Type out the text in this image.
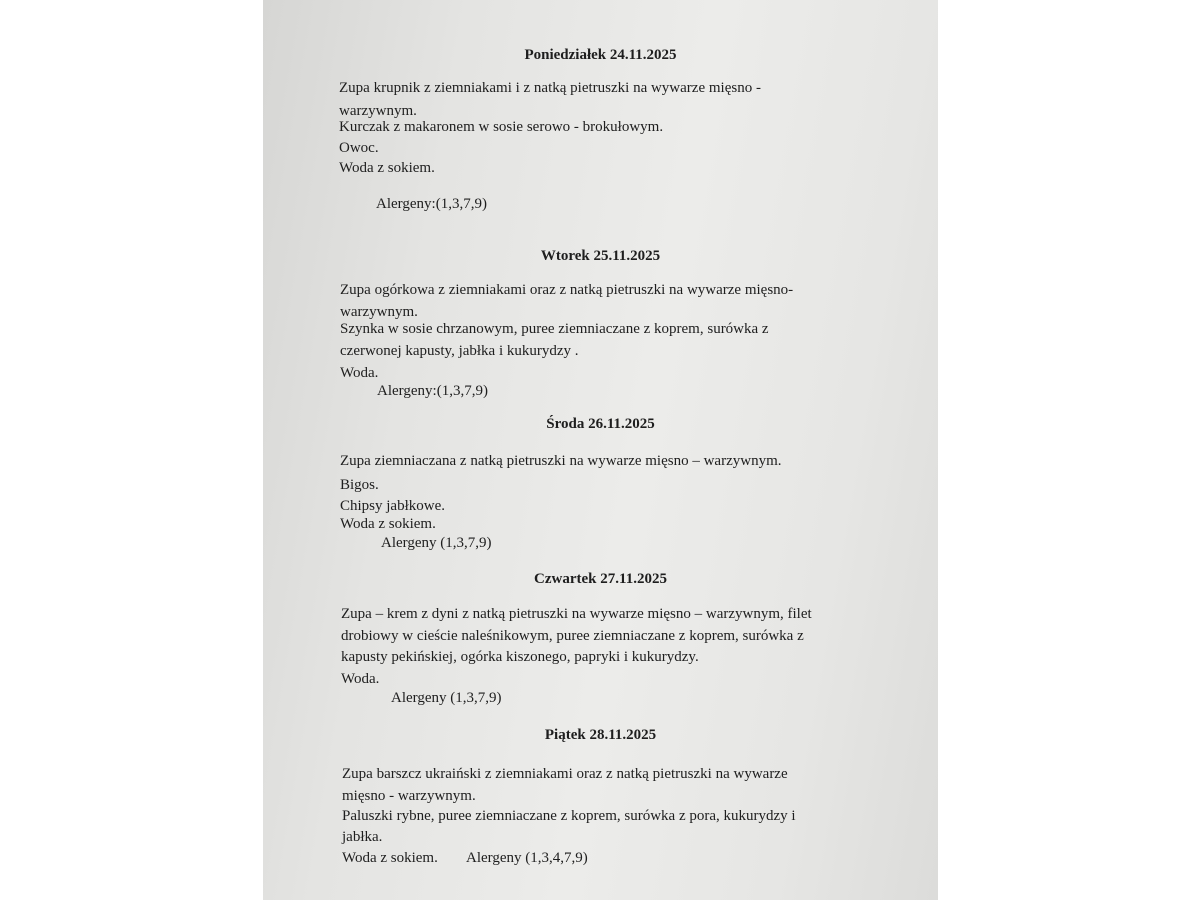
Poniedziałek 24.11.2025
Zupa krupnik z ziemniakami i z natką pietruszki na wywarze mięsno -
warzywnym.
Kurczak z makaronem w sosie serowo - brokułowym.
Owoc.
Woda z sokiem.
Alergeny:(1,3,7,9)
Wtorek 25.11.2025
Zupa ogórkowa z ziemniakami oraz z natką pietruszki na wywarze mięsno-
warzywnym.
Szynka w sosie chrzanowym, puree ziemniaczane z koprem, surówka z
czerwonej kapusty, jabłka i kukurydzy .
Woda.
Alergeny:(1,3,7,9)
Środa 26.11.2025
Zupa ziemniaczana z natką pietruszki na wywarze mięsno – warzywnym.
Bigos.
Chipsy jabłkowe.
Woda z sokiem.
Alergeny (1,3,7,9)
Czwartek 27.11.2025
Zupa – krem z dyni z natką pietruszki na wywarze mięsno – warzywnym, filet
drobiowy w cieście naleśnikowym, puree ziemniaczane z koprem, surówka z
kapusty pekińskiej, ogórka kiszonego, papryki i kukurydzy.
Woda.
Alergeny (1,3,7,9)
Piątek 28.11.2025
Zupa barszcz ukraiński z ziemniakami oraz z natką pietruszki na wywarze
mięsno - warzywnym.
Paluszki rybne, puree ziemniaczane z koprem, surówka z pora, kukurydzy i
jabłka.
Woda z sokiem. Alergeny (1,3,4,7,9)
